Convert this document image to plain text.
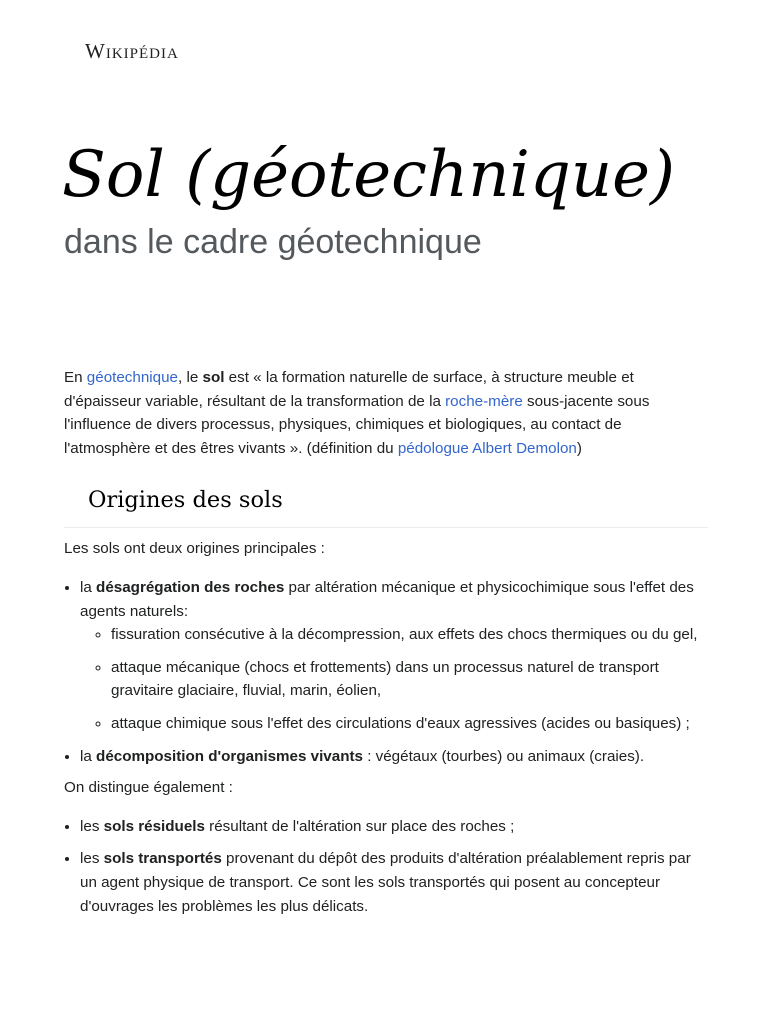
Wikipédia
Sol (géotechnique)
dans le cadre géotechnique

En géotechnique, le sol est « la formation naturelle de surface, à structure meuble et d'épaisseur variable, résultant de la transformation de la roche-mère sous-jacente sous l'influence de divers processus, physiques, chimiques et biologiques, au contact de l'atmosphère et des êtres vivants ». (définition du pédologue Albert Demolon)

Origines des sols

Les sols ont deux origines principales :

• la désagrégation des roches par altération mécanique et physicochimique sous l'effet des agents naturels:
◦ fissuration consécutive à la décompression, aux effets des chocs thermiques ou du gel,
◦ attaque mécanique (chocs et frottements) dans un processus naturel de transport gravitaire glaciaire, fluvial, marin, éolien,
◦ attaque chimique sous l'effet des circulations d'eaux agressives (acides ou basiques) ;
• la décomposition d'organismes vivants : végétaux (tourbes) ou animaux (craies).

On distingue également :

• les sols résiduels résultant de l'altération sur place des roches ;
• les sols transportés provenant du dépôt des produits d'altération préalablement repris par un agent physique de transport. Ce sont les sols transportés qui posent au concepteur d'ouvrages les problèmes les plus délicats.
